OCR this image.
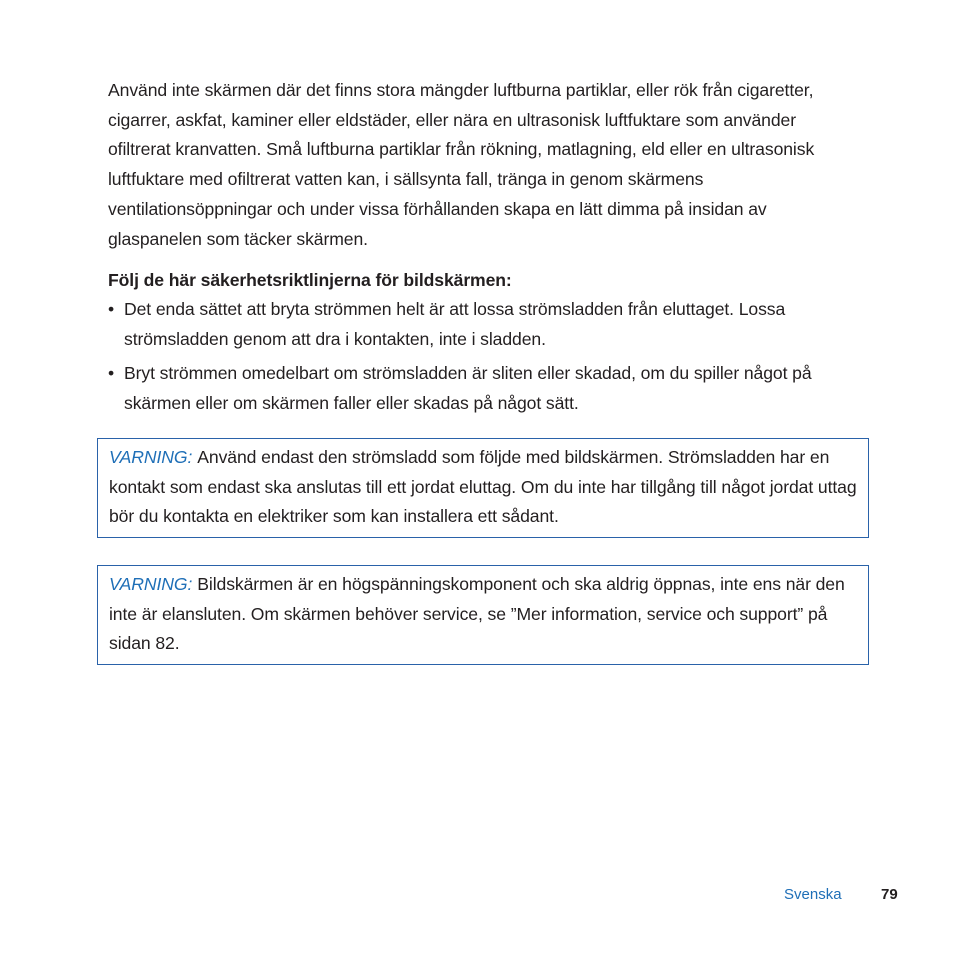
Använd inte skärmen där det finns stora mängder luftburna partiklar, eller rök från cigaretter, cigarrer, askfat, kaminer eller eldstäder, eller nära en ultrasonisk luftfuktare som använder ofiltrerat kranvatten. Små luftburna partiklar från rökning, matlagning, eld eller en ultrasonisk luftfuktare med ofiltrerat vatten kan, i sällsynta fall, tränga in genom skärmens ventilationsöppningar och under vissa förhållanden skapa en lätt dimma på insidan av glaspanelen som täcker skärmen.

Följ de här säkerhetsriktlinjerna för bildskärmen:

• Det enda sättet att bryta strömmen helt är att lossa strömsladden från eluttaget. Lossa strömsladden genom att dra i kontakten, inte i sladden.
• Bryt strömmen omedelbart om strömsladden är sliten eller skadad, om du spiller något på skärmen eller om skärmen faller eller skadas på något sätt.
VARNING: Använd endast den strömsladd som följde med bildskärmen. Strömsladden har en kontakt som endast ska anslutas till ett jordat eluttag. Om du inte har tillgång till något jordat uttag bör du kontakta en elektriker som kan installera ett sådant.
VARNING: Bildskärmen är en högspänningskomponent och ska aldrig öppnas, inte ens när den inte är elansluten. Om skärmen behöver service, se ”Mer information, service och support” på sidan 82.
Svenska	79
